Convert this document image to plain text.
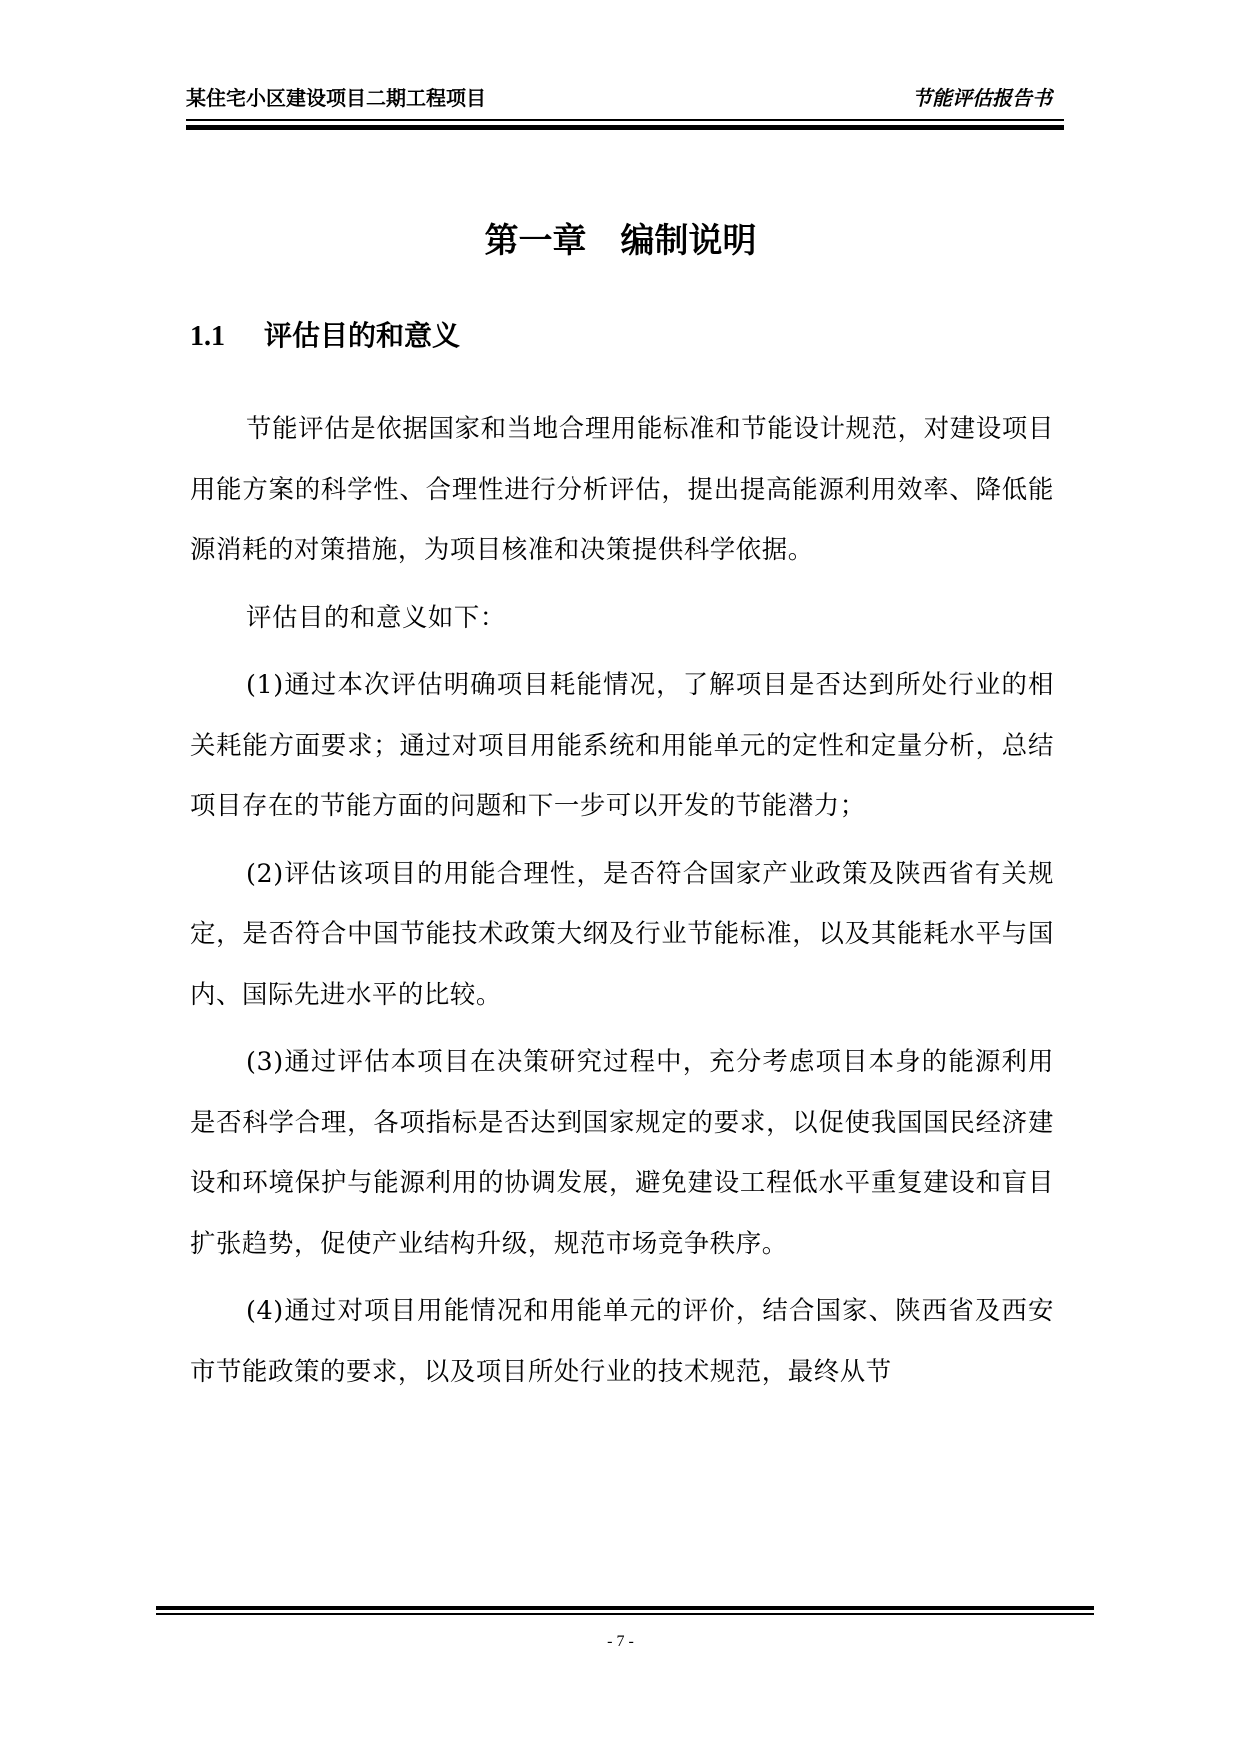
某住宅小区建设项目二期工程项目	节能评估报告书
第一章　编制说明
1.1 评估目的和意义

节能评估是依据国家和当地合理用能标准和节能设计规范，对建设项目用能方案的科学性、合理性进行分析评估，提出提高能源利用效率、降低能源消耗的对策措施，为项目核准和决策提供科学依据。

评估目的和意义如下：

(1)通过本次评估明确项目耗能情况，了解项目是否达到所处行业的相关耗能方面要求；通过对项目用能系统和用能单元的定性和定量分析，总结项目存在的节能方面的问题和下一步可以开发的节能潜力；

(2)评估该项目的用能合理性，是否符合国家产业政策及陕西省有关规定，是否符合中国节能技术政策大纲及行业节能标准，以及其能耗水平与国内、国际先进水平的比较。

(3)通过评估本项目在决策研究过程中，充分考虑项目本身的能源利用是否科学合理，各项指标是否达到国家规定的要求，以促使我国国民经济建设和环境保护与能源利用的协调发展，避免建设工程低水平重复建设和盲目扩张趋势，促使产业结构升级，规范市场竞争秩序。

(4)通过对项目用能情况和用能单元的评价，结合国家、陕西省及西安市节能政策的要求，以及项目所处行业的技术规范，最终从节

- 7 -
